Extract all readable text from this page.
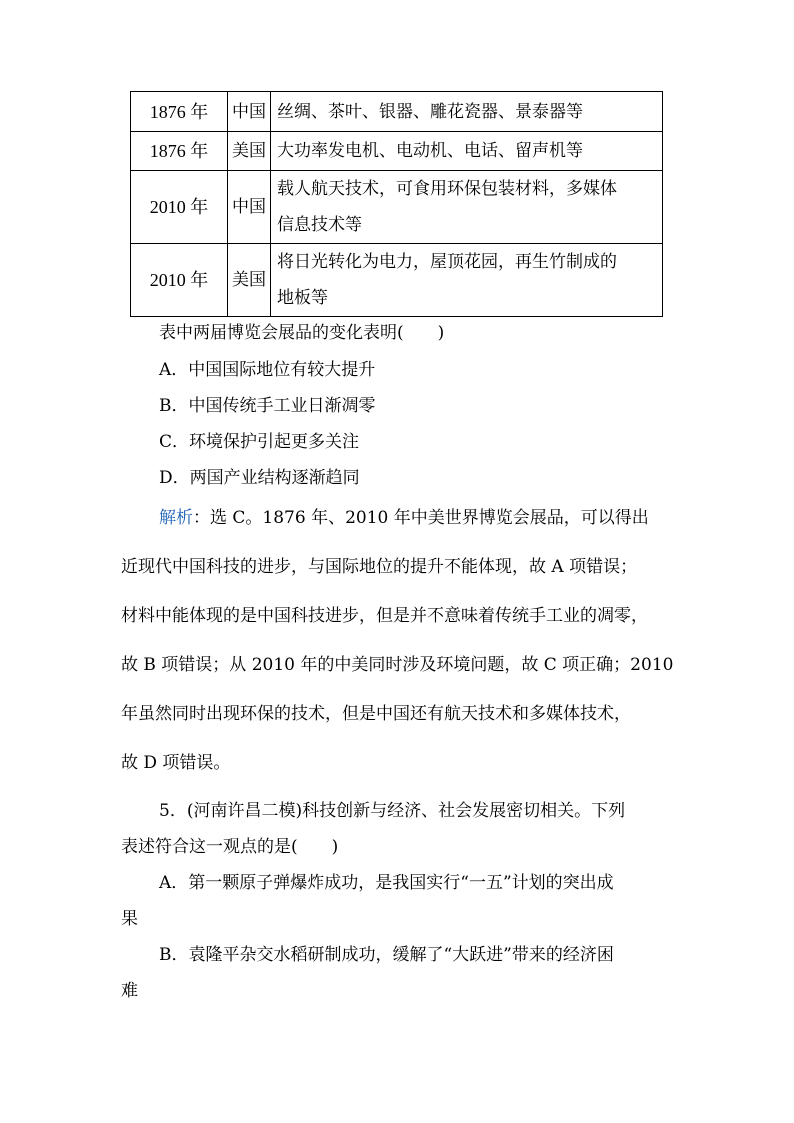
1876 年	中国	丝绸、茶叶、银器、雕花瓷器、景泰器等
1876 年	美国	大功率发电机、电动机、电话、留声机等
2010 年	中国	载人航天技术，可食用环保包装材料，多媒体
信息技术等

2010 年	美国	将日光转化为电力，屋顶花园，再生竹制成的
地板等
表中两届博览会展品的变化表明(　　)
A．中国国际地位有较大提升
B．中国传统手工业日渐凋零
C．环境保护引起更多关注
D．两国产业结构逐渐趋同
解析：选 C。1876 年、2010 年中美世界博览会展品，可以得出
近现代中国科技的进步，与国际地位的提升不能体现，故 A 项错误；
材料中能体现的是中国科技进步，但是并不意味着传统手工业的凋零，
故 B 项错误；从 2010 年的中美同时涉及环境问题，故 C 项正确；2010
年虽然同时出现环保的技术，但是中国还有航天技术和多媒体技术，
故 D 项错误。
5．(河南许昌二模)科技创新与经济、社会发展密切相关。下列
表述符合这一观点的是(　　)
A．第一颗原子弹爆炸成功，是我国实行“一五”计划的突出成
果
B．袁隆平杂交水稻研制成功，缓解了“大跃进”带来的经济困
难
